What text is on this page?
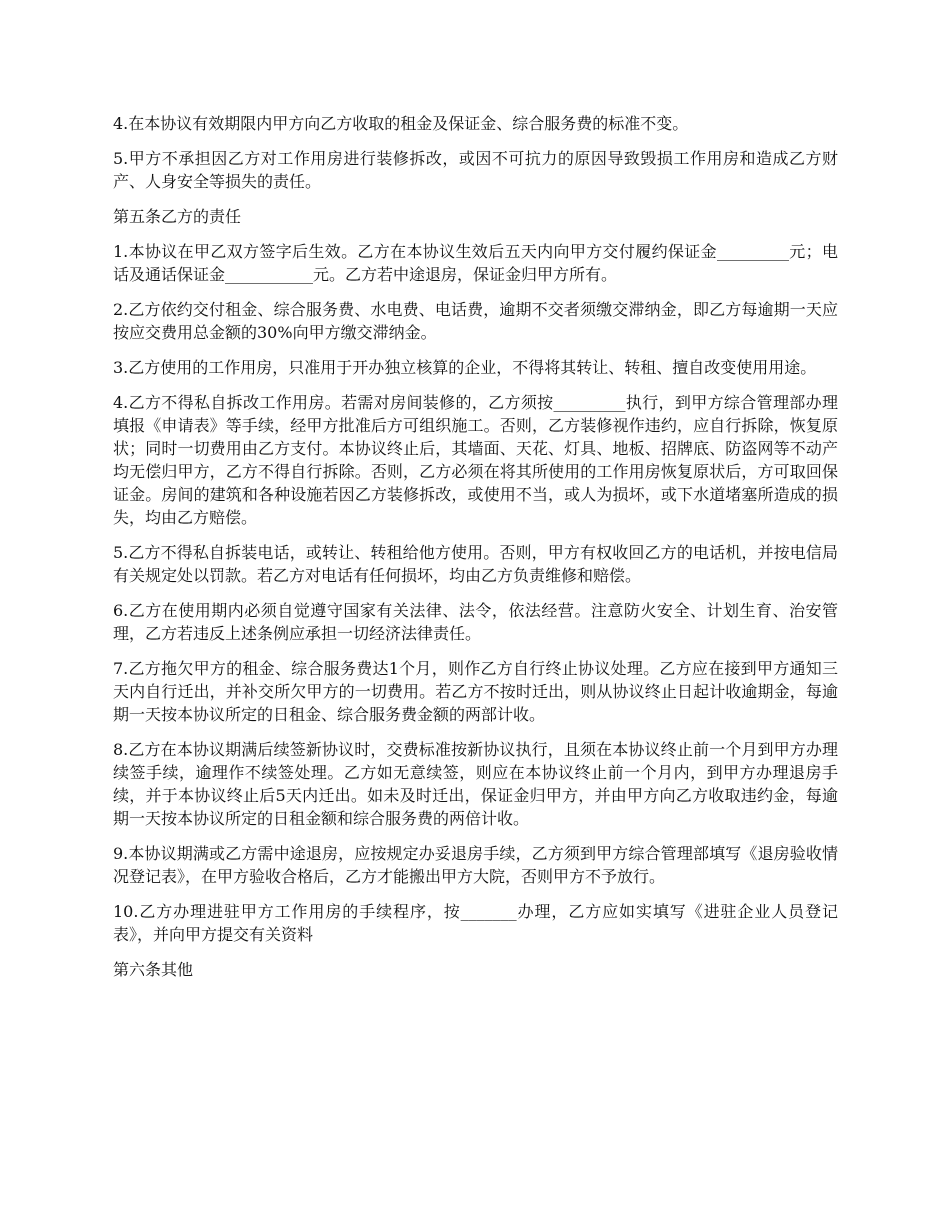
4.在本协议有效期限内甲方向乙方收取的租金及保证金、综合服务费的标准不变。

5.甲方不承担因乙方对工作用房进行装修拆改，或因不可抗力的原因导致毁损工作用房和造成乙方财产、人身安全等损失的责任。

第五条乙方的责任

1.本协议在甲乙双方签字后生效。乙方在本协议生效后五天内向甲方交付履约保证金_________元；电话及通话保证金___________元。乙方若中途退房，保证金归甲方所有。

2.乙方依约交付租金、综合服务费、水电费、电话费，逾期不交者须缴交滞纳金，即乙方每逾期一天应按应交费用总金额的30%向甲方缴交滞纳金。

3.乙方使用的工作用房，只准用于开办独立核算的企业，不得将其转让、转租、擅自改变使用用途。

4.乙方不得私自拆改工作用房。若需对房间装修的，乙方须按_________执行，到甲方综合管理部办理填报《申请表》等手续，经甲方批准后方可组织施工。否则，乙方装修视作违约，应自行拆除，恢复原状；同时一切费用由乙方支付。本协议终止后，其墙面、天花、灯具、地板、招牌底、防盗网等不动产均无偿归甲方，乙方不得自行拆除。否则，乙方必须在将其所使用的工作用房恢复原状后，方可取回保证金。房间的建筑和各种设施若因乙方装修拆改，或使用不当，或人为损坏，或下水道堵塞所造成的损失，均由乙方赔偿。

5.乙方不得私自拆装电话，或转让、转租给他方使用。否则，甲方有权收回乙方的电话机，并按电信局有关规定处以罚款。若乙方对电话有任何损坏，均由乙方负责维修和赔偿。

6.乙方在使用期内必须自觉遵守国家有关法律、法令，依法经营。注意防火安全、计划生育、治安管理，乙方若违反上述条例应承担一切经济法律责任。

7.乙方拖欠甲方的租金、综合服务费达1个月，则作乙方自行终止协议处理。乙方应在接到甲方通知三天内自行迁出，并补交所欠甲方的一切费用。若乙方不按时迁出，则从协议终止日起计收逾期金，每逾期一天按本协议所定的日租金、综合服务费金额的两部计收。

8.乙方在本协议期满后续签新协议时，交费标准按新协议执行，且须在本协议终止前一个月到甲方办理续签手续，逾理作不续签处理。乙方如无意续签，则应在本协议终止前一个月内，到甲方办理退房手续，并于本协议终止后5天内迁出。如未及时迁出，保证金归甲方，并由甲方向乙方收取违约金，每逾期一天按本协议所定的日租金额和综合服务费的两倍计收。

9.本协议期满或乙方需中途退房，应按规定办妥退房手续，乙方须到甲方综合管理部填写《退房验收情况登记表》，在甲方验收合格后，乙方才能搬出甲方大院，否则甲方不予放行。

10.乙方办理进驻甲方工作用房的手续程序，按_______办理，乙方应如实填写《进驻企业人员登记表》，并向甲方提交有关资料

第六条其他
